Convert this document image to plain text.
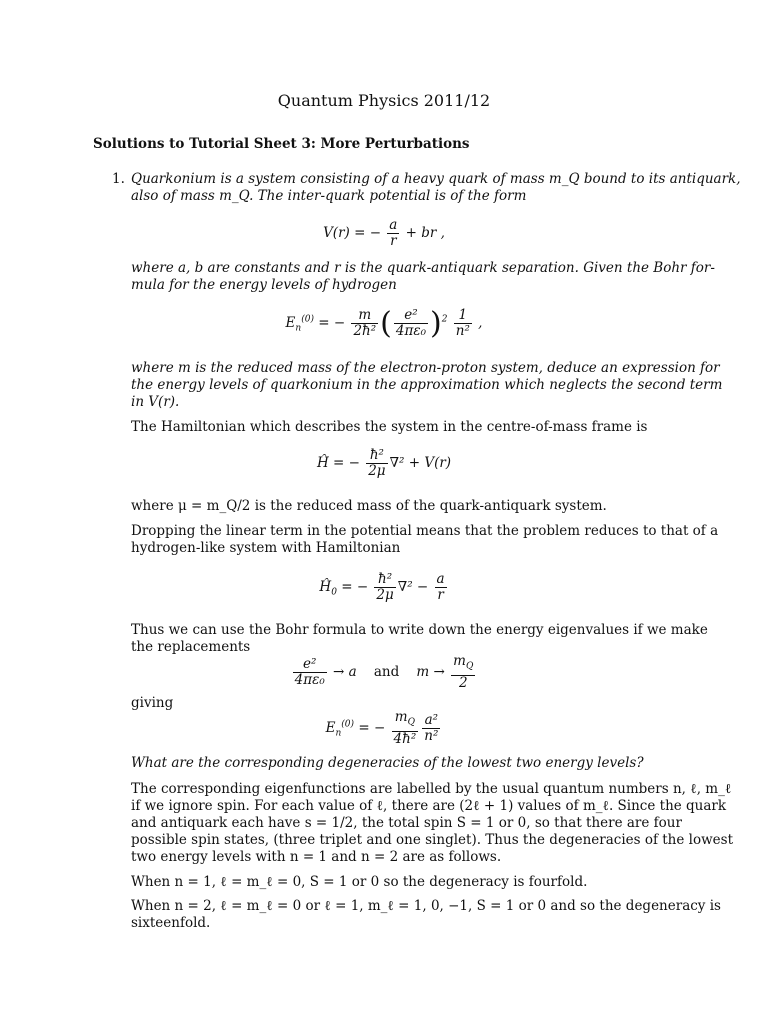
Quantum Physics 2011/12
Solutions to Tutorial Sheet 3: More Perturbations
1. Quarkonium is a system consisting of a heavy quark of mass m_Q bound to its antiquark,
also of mass m_Q. The inter-quark potential is of the form
V(r) = − $\frac{a}{r}$ + br ,
where a, b are constants and r is the quark-antiquark separation. Given the Bohr for-
mula for the energy levels of hydrogen
$E_n^{(0)}$ = − $\frac{m}{\text{2ħ²}}$ ( $\frac{\text{e²}}{\text{4πε₀}} )^2 \frac{1}{\text{n²}}$ ,
where m is the reduced mass of the electron-proton system, deduce an expression for
the energy levels of quarkonium in the approximation which neglects the second term
in V(r).
The Hamiltonian which describes the system in the centre-of-mass frame is
Ĥ = − $\frac{\text{ħ²}}{2\mu} \nabla^2 + V(r)$
where μ = m_Q/2 is the reduced mass of the quark-antiquark system.
Dropping the linear term in the potential means that the problem reduces to that of a
hydrogen-like system with Hamiltonian
$Ĥ_0$ = − $\frac{\text{ħ²}}{2\mu} \nabla^2 - \frac{a}{r}$
Thus we can use the Bohr formula to write down the energy eigenvalues if we make
the replacements
$\frac{\text{e²}}{\text{4πε₀}} \to a$    and    $m \to \frac{m_Q}{2}$
giving
$E_n^{(0)}$ = − $\frac{m_Q}{\text{4ħ²}} \frac{\text{a²}}{\text{n²}}$
What are the corresponding degeneracies of the lowest two energy levels?
The corresponding eigenfunctions are labelled by the usual quantum numbers n, ℓ, m_ℓ
if we ignore spin. For each value of ℓ, there are (2ℓ + 1) values of m_ℓ. Since the quark
and antiquark each have s = 1/2, the total spin S = 1 or 0, so that there are four
possible spin states, (three triplet and one singlet). Thus the degeneracies of the lowest
two energy levels with n = 1 and n = 2 are as follows.
When n = 1, ℓ = m_ℓ = 0, S = 1 or 0 so the degeneracy is fourfold.
When n = 2, ℓ = m_ℓ = 0 or ℓ = 1, m_ℓ = 1, 0, −1, S = 1 or 0 and so the degeneracy is
sixteenfold.
